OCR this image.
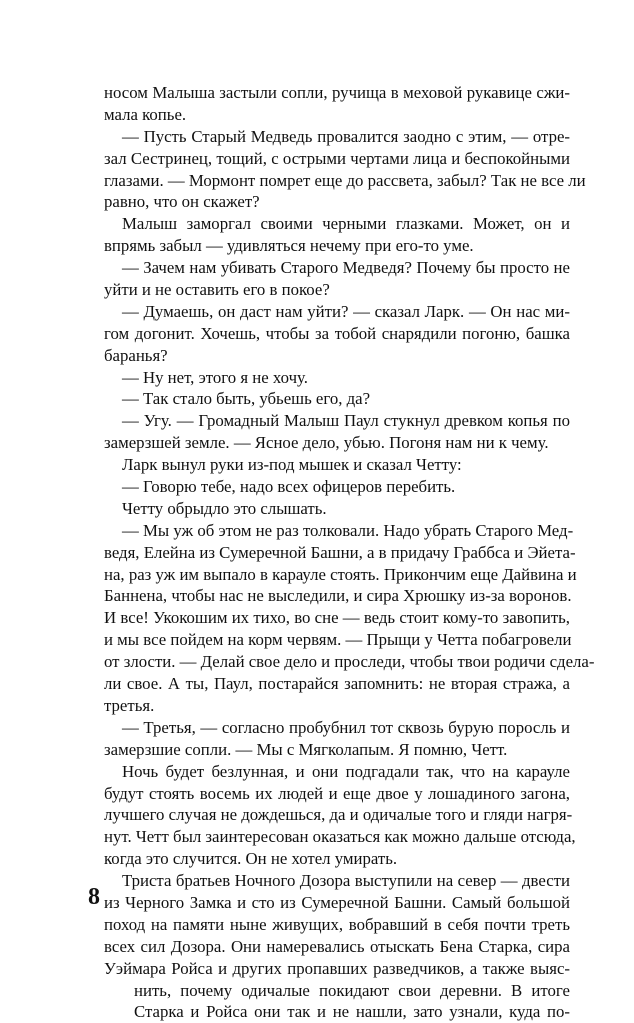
носом Малыша застыли сопли, ручища в меховой рукавице сжи-
мала копье.
— Пусть Старый Медведь провалится заодно с этим, — отре-
зал Сестринец, тощий, с острыми чертами лица и беспокойными
глазами. — Мормонт помрет еще до рассвета, забыл? Так не все ли
равно, что он скажет?
Малыш заморгал своими черными глазками. Может, он и
впрямь забыл — удивляться нечему при его-то уме.
— Зачем нам убивать Старого Медведя? Почему бы просто не
уйти и не оставить его в покое?
— Думаешь, он даст нам уйти? — сказал Ларк. — Он нас ми-
гом догонит. Хочешь, чтобы за тобой снарядили погоню, башка
баранья?
— Ну нет, этого я не хочу.
— Так стало быть, убьешь его, да?
— Угу. — Громадный Малыш Паул стукнул древком копья по
замерзшей земле. — Ясное дело, убью. Погоня нам ни к чему.
Ларк вынул руки из-под мышек и сказал Четту:
— Говорю тебе, надо всех офицеров перебить.
Четту обрыдло это слышать.
— Мы уж об этом не раз толковали. Надо убрать Старого Мед-
ведя, Елейна из Сумеречной Башни, а в придачу Граббса и Эйета-
на, раз уж им выпало в карауле стоять. Прикончим еще Дайвина и
Баннена, чтобы нас не выследили, и сира Хрюшку из-за воронов.
И все! Укокошим их тихо, во сне — ведь стоит кому-то завопить,
и мы все пойдем на корм червям. — Прыщи у Четта побагровели
от злости. — Делай свое дело и проследи, чтобы твои родичи сдела-
ли свое. А ты, Паул, постарайся запомнить: не вторая стража, а
третья.
— Третья, — согласно пробубнил тот сквозь бурую поросль и
замерзшие сопли. — Мы с Мягколапым. Я помню, Четт.
Ночь будет безлунная, и они подгадали так, что на карауле
будут стоять восемь их людей и еще двое у лошадиного загона,
лучшего случая не дождешься, да и одичалые того и гляди нагря-
нут. Четт был заинтересован оказаться как можно дальше отсюда,
когда это случится. Он не хотел умирать.
Триста братьев Ночного Дозора выступили на север — двести
из Черного Замка и сто из Сумеречной Башни. Самый большой
поход на памяти ныне живущих, вобравший в себя почти треть
всех сил Дозора. Они намеревались отыскать Бена Старка, сира
Уэймара Ройса и других пропавших разведчиков, а также выяс-
нить, почему одичалые покидают свои деревни. В итоге
Старка и Ройса они так и не нашли, зато узнали, куда по-
8
